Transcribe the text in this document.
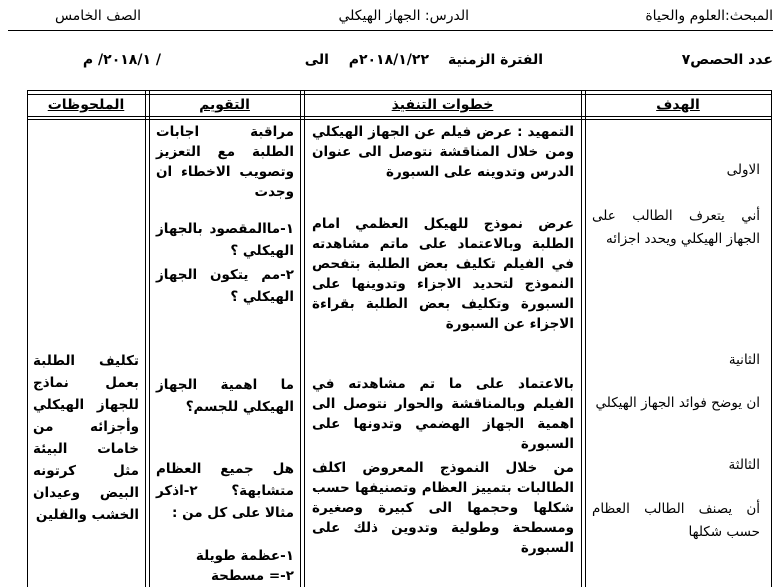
المبحث:العلوم والحياة
الدرس: الجهاز الهيكلي
الصف الخامس
عدد الحصص٧
الفترة الزمنية
٢٠١٨/١/٢٢م
الى
/ ٢٠١٨/١/ م
الهدف
خطوات التنفيذ
التقويم
الملحوظات
الاولى
أني يتعرف الطالب على الجهاز الهيكلي ويحدد اجزائه
الثانية
ان يوضح فوائد الجهاز الهيكلي
الثالثة
أن يصنف الطالب العظام حسب شكلها
التمهيد : عرض فيلم عن الجهاز الهيكلي ومن خلال المناقشة نتوصل الى عنوان الدرس وتدوينه على السبورة
عرض نموذج للهيكل العظمي امام الطلبة وبالاعتماد على ماتم مشاهدته في الفيلم تكليف بعض الطلبة بتفحص النموذج لتحديد الاجزاء وتدوينها على السبورة وتكليف بعض الطلبة بقراءة الاجزاء عن السبورة
بالاعتماد على ما تم مشاهدته في الفيلم وبالمناقشة والحوار نتوصل الى اهمية الجهاز الهضمي وتدونها على السبورة
من خلال النموذج المعروض اكلف الطالبات بتمييز العظام وتصنيفها حسب شكلها وحجمها الى كبيرة وصغيرة ومسطحة وطولية وتدوين ذلك على السبورة
مراقبة اجابات الطلبة مع التعزيز وتصويب الاخطاء ان وجدت
١-ماالمقصود بالجهاز الهيكلي ؟
٢-مم يتكون الجهاز الهيكلي ؟
ما اهمية الجهاز الهيكلي للجسم؟
هل جميع العظام متشابهة؟ ٢-اذكر مثالا على كل من :
١-عظمة طويلة
٢-= مسطحة
تكليف الطلبة بعمل نماذج للجهاز الهيكلي وأجزائه من خامات البيئة مثل كرتونه البيض وعيدان الخشب والفلين
